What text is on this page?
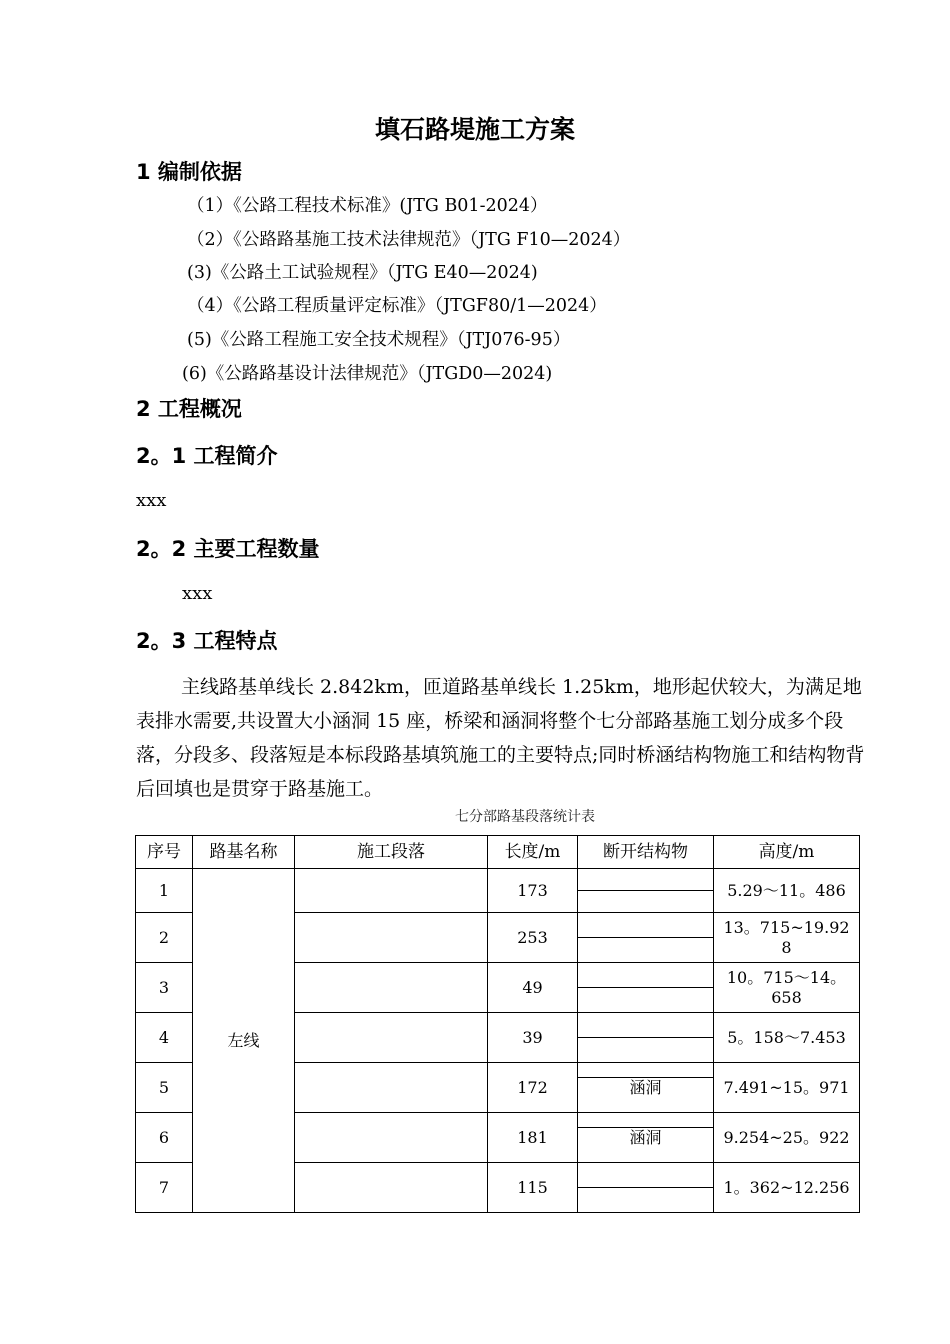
填石路堤施工方案
1 编制依据
（1）《公路工程技术标准》(JTG B01-2024）
（2）《公路路基施工技术法律规范》（JTG F10—2024）
(3)《公路土工试验规程》（JTG E40—2024)
（4）《公路工程质量评定标准》（JTGF80/1—2024）
(5)《公路工程施工安全技术规程》（JTJ076-95）
(6)《公路路基设计法律规范》（JTGD0—2024)
2 工程概况
2。1 工程简介
xxx
2。2 主要工程数量
xxx
2。3 工程特点

主线路基单线长 2.842km，匝道路基单线长 1.25km，地形起伏较大，为满足地表排水需要,共设置大小涵洞 15 座，桥梁和涵洞将整个七分部路基施工划分成多个段落，分段多、段落短是本标段路基填筑施工的主要特点;同时桥涵结构物施工和结构物背后回填也是贯穿于路基施工。

七分部路基段落统计表
序号	路基名称	施工段落	长度/m	断开结构物	高度/m
1	左线		173		5.29～11。486
2			253		13。715~19.928
3			49		10。715～14。658
4			39		5。158～7.453
5			172	涵洞	7.491~15。971
6			181	涵洞	9.254~25。922
7			115		1。362~12.256
